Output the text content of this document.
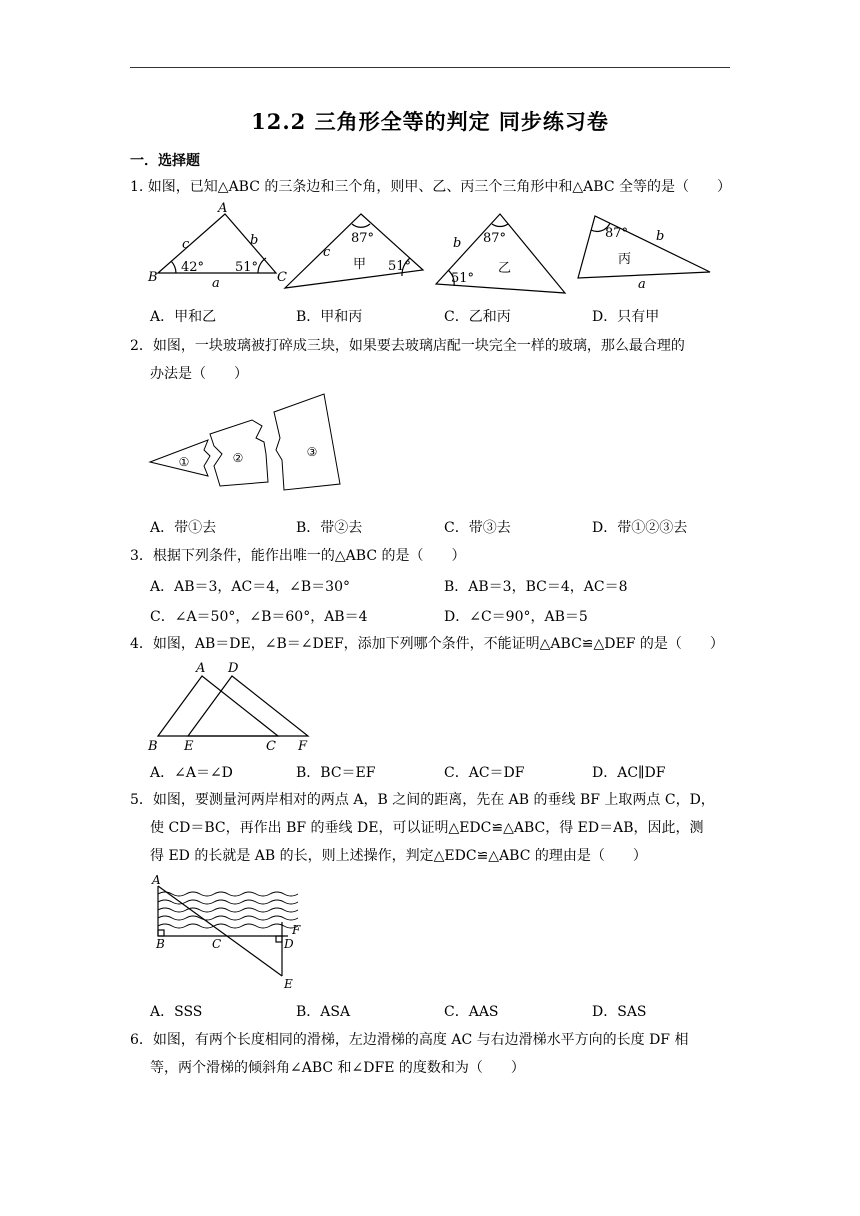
12.2 三角形全等的判定 同步练习卷
一．选择题
1. 如图，已知△ABC 的三条边和三个角，则甲、乙、丙三个三角形中和△ABC 全等的是（　　）
A
B	C
a
b
c
42° 51°
87°
51°
c
甲
87°
51°
b
乙
87° b
a
丙
A．甲和乙	B．甲和丙	C．乙和丙	D．只有甲
2．如图，一块玻璃被打碎成三块，如果要去玻璃店配一块完全一样的玻璃，那么最合理的
办法是（　　）
①	②	③
A．带①去	B．带②去	C．带③去	D．带①②③去
3．根据下列条件，能作出唯一的△ABC 的是（　　）
A．AB＝3，AC＝4，∠B＝30°	B．AB＝3，BC＝4，AC＝8
C．∠A＝50°，∠B＝60°，AB＝4	D．∠C＝90°，AB＝5
4．如图，AB＝DE，∠B＝∠DEF，添加下列哪个条件，不能证明△ABC≌△DEF 的是（　　）
A D
B E	C F
A．∠A＝∠D	B．BC＝EF	C．AC＝DF	D．AC∥DF
5．如图，要测量河两岸相对的两点 A，B 之间的距离，先在 AB 的垂线 BF 上取两点 C，D，
使 CD＝BC，再作出 BF 的垂线 DE，可以证明△EDC≌△ABC，得 ED＝AB，因此，测
得 ED 的长就是 AB 的长，则上述操作，判定△EDC≌△ABC 的理由是（　　）
A
B	C	D
E
F
A．SSS	B．ASA	C．AAS	D．SAS
6．如图，有两个长度相同的滑梯，左边滑梯的高度 AC 与右边滑梯水平方向的长度 DF 相
等，两个滑梯的倾斜角∠ABC 和∠DFE 的度数和为（　　）
